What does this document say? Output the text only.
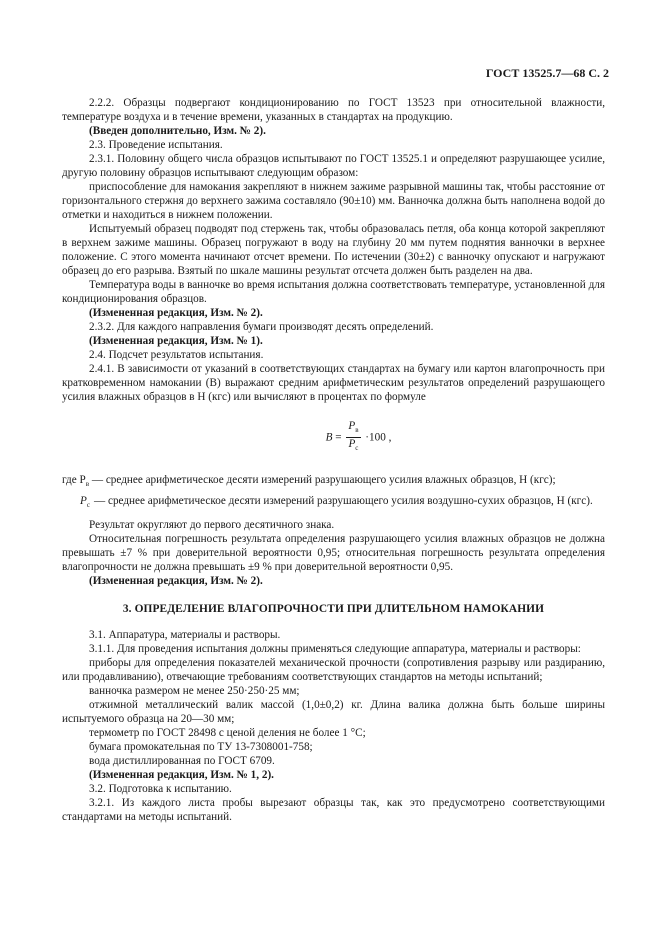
ГОСТ 13525.7—68 С. 2

2.2.2. Образцы подвергают кондиционированию по ГОСТ 13523 при относительной влажности, температуре воздуха и в течение времени, указанных в стандартах на продукцию.

(Введен дополнительно, Изм. № 2).

2.3. Проведение испытания.

2.3.1. Половину общего числа образцов испытывают по ГОСТ 13525.1 и определяют разрушающее усилие, другую половину образцов испытывают следующим образом:

приспособление для намокания закрепляют в нижнем зажиме разрывной машины так, чтобы расстояние от горизонтального стержня до верхнего зажима составляло (90±10) мм. Ванночка должна быть наполнена водой до отметки и находиться в нижнем положении.

Испытуемый образец подводят под стержень так, чтобы образовалась петля, оба конца которой закрепляют в верхнем зажиме машины. Образец погружают в воду на глубину 20 мм путем поднятия ванночки в верхнее положение. С этого момента начинают отсчет времени. По истечении (30±2) с ванночку опускают и нагружают образец до его разрыва. Взятый по шкале машины результат отсчета должен быть разделен на два.

Температура воды в ванночке во время испытания должна соответствовать температуре, установленной для кондиционирования образцов.

(Измененная редакция, Изм. № 2).

2.3.2. Для каждого направления бумаги производят десять определений.

(Измененная редакция, Изм. № 1).

2.4. Подсчет результатов испытания.

2.4.1. В зависимости от указаний в соответствующих стандартах на бумагу или картон влагопрочность при кратковременном намокании (B) выражают средним арифметическим результатов определений разрушающего усилия влажных образцов в Н (кгс) или вычисляют в процентах по формуле

$B = \frac{P_в}{P_с} \cdot 100$ ,
где $P_в$ — среднее арифметическое десяти измерений разрушающего усилия влажных образцов, Н (кгс);
$P_с$ — среднее арифметическое десяти измерений разрушающего усилия воздушно-сухих образцов, Н (кгс).

Результат округляют до первого десятичного знака.

Относительная погрешность результата определения разрушающего усилия влажных образцов не должна превышать ±7 % при доверительной вероятности 0,95; относительная погрешность результата определения влагопрочности не должна превышать ±9 % при доверительной вероятности 0,95.

(Измененная редакция, Изм. № 2).

3. ОПРЕДЕЛЕНИЕ ВЛАГОПРОЧНОСТИ ПРИ ДЛИТЕЛЬНОМ НАМОКАНИИ

3.1. Аппаратура, материалы и растворы.

3.1.1. Для проведения испытания должны применяться следующие аппаратура, материалы и растворы:

приборы для определения показателей механической прочности (сопротивления разрыву или раздиранию, или продавливанию), отвечающие требованиям соответствующих стандартов на методы испытаний;

ванночка размером не менее 250·250·25 мм;

отжимной металлический валик массой (1,0±0,2) кг. Длина валика должна быть больше ширины испытуемого образца на 20—30 мм;

термометр по ГОСТ 28498 с ценой деления не более 1 °С;

бумага промокательная по ТУ 13-7308001-758;

вода дистиллированная по ГОСТ 6709.

(Измененная редакция, Изм. № 1, 2).

3.2. Подготовка к испытанию.

3.2.1. Из каждого листа пробы вырезают образцы так, как это предусмотрено соответствующими стандартами на методы испытаний.
